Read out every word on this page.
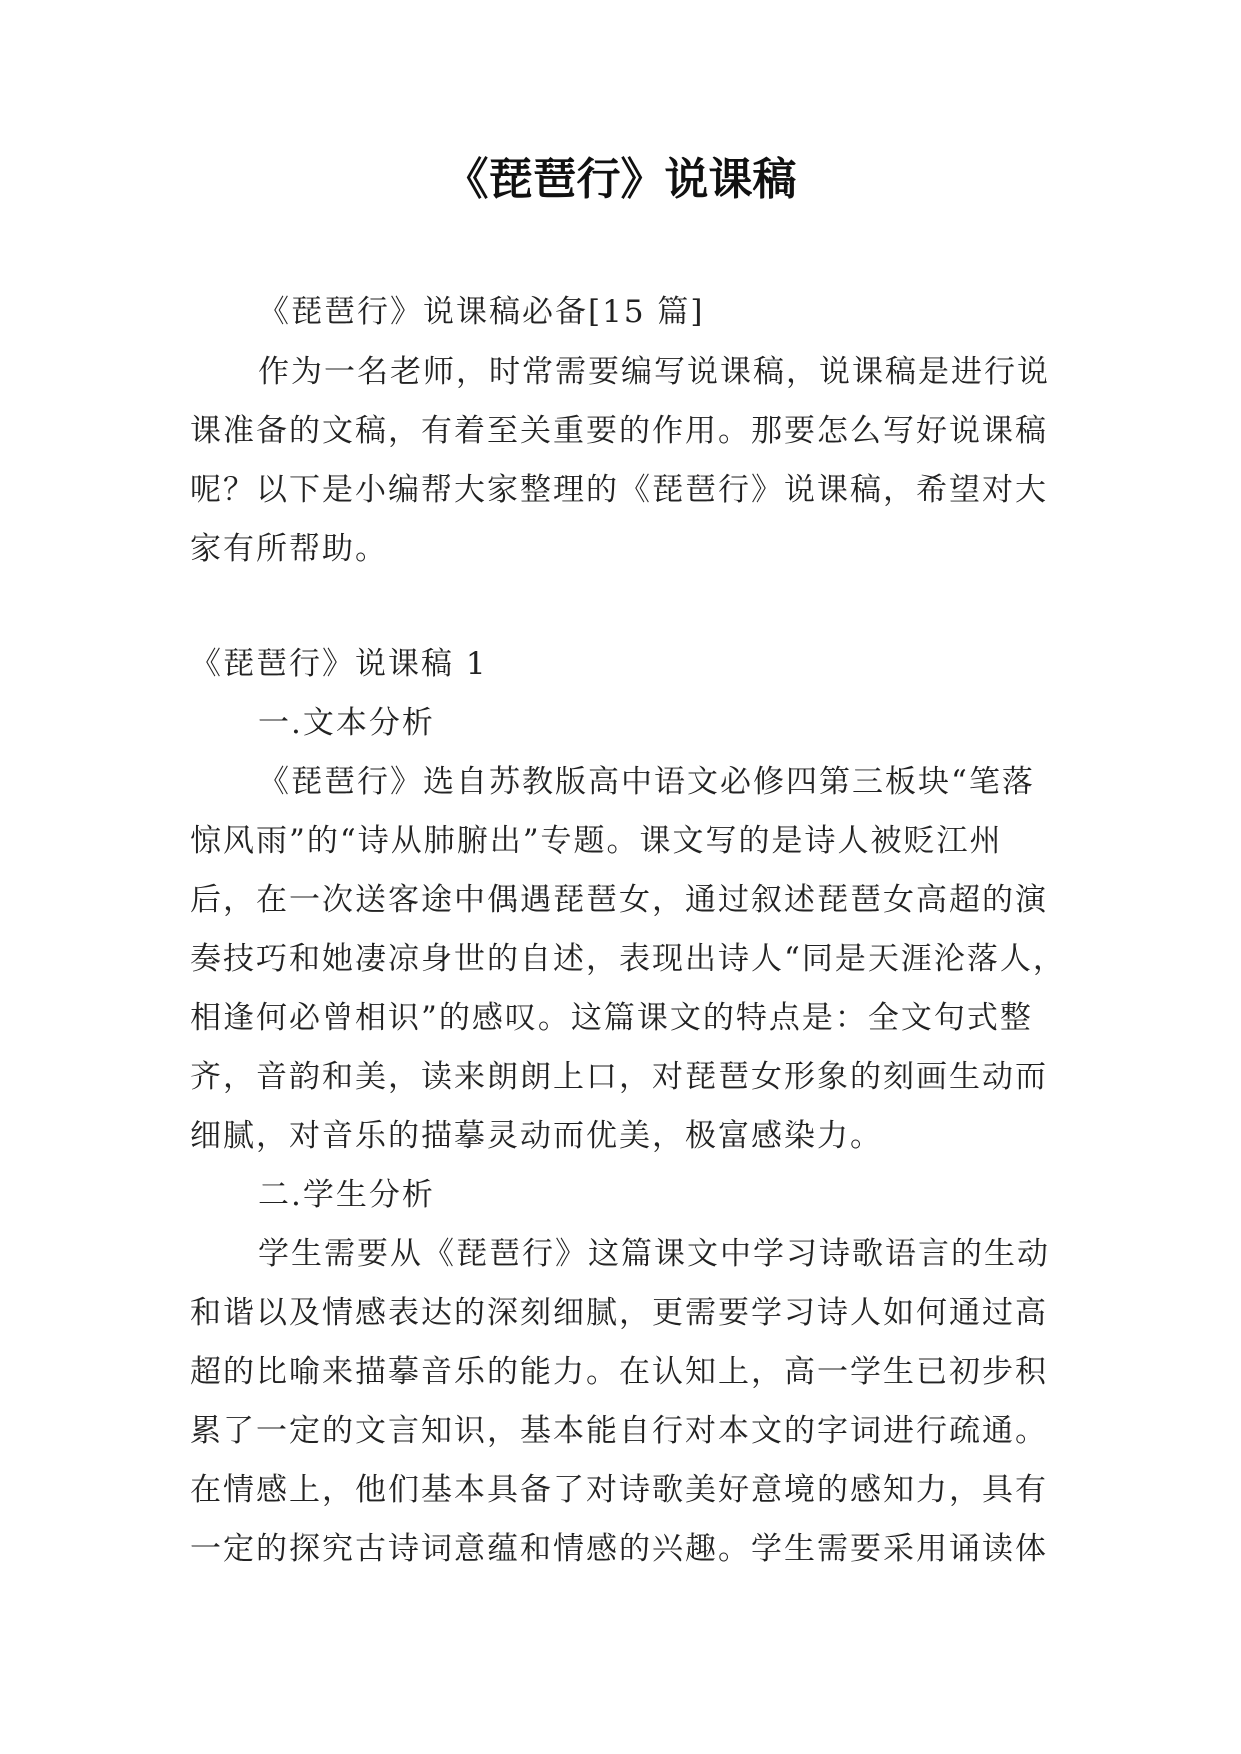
《琵琶行》说课稿
《琵琶行》说课稿必备[15 篇]
作为一名老师，时常需要编写说课稿，说课稿是进行说
课准备的文稿，有着至关重要的作用。那要怎么写好说课稿
呢？以下是小编帮大家整理的《琵琶行》说课稿，希望对大
家有所帮助。
《琵琶行》说课稿 1
一.文本分析
《琵琶行》选自苏教版高中语文必修四第三板块“笔落
惊风雨”的“诗从肺腑出”专题。课文写的是诗人被贬江州
后，在一次送客途中偶遇琵琶女，通过叙述琵琶女高超的演
奏技巧和她凄凉身世的自述，表现出诗人“同是天涯沦落人，
相逢何必曾相识”的感叹。这篇课文的特点是：全文句式整
齐，音韵和美，读来朗朗上口，对琵琶女形象的刻画生动而
细腻，对音乐的描摹灵动而优美，极富感染力。
二.学生分析
学生需要从《琵琶行》这篇课文中学习诗歌语言的生动
和谐以及情感表达的深刻细腻，更需要学习诗人如何通过高
超的比喻来描摹音乐的能力。在认知上，高一学生已初步积
累了一定的文言知识，基本能自行对本文的字词进行疏通。
在情感上，他们基本具备了对诗歌美好意境的感知力，具有
一定的探究古诗词意蕴和情感的兴趣。学生需要采用诵读体
